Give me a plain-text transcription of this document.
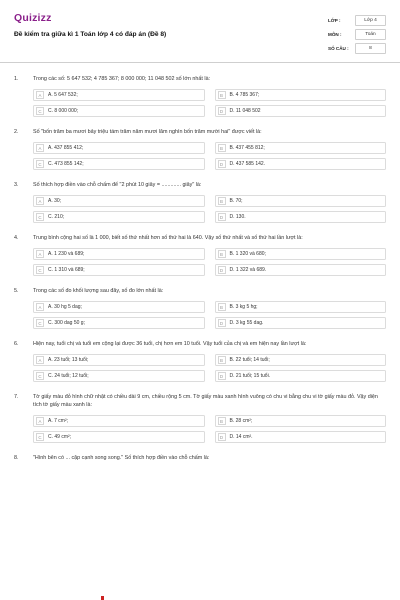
Quizizz
Đề kiểm tra giữa kì 1 Toán lớp 4 có đáp án (Đề 8)
LỚP :	Lớp 4
MÔN :	Toán
SỐ CÂU :	8
1.	Trong các số: 5 647 532; 4 785 367; 8 000 000; 11 048 502 số lớn nhất là:
A	A. 5 647 532;	B	B. 4 785 367;
C	C. 8 000 000;	D	D. 11 048 502
2.	Số "bốn trăm ba mươi bảy triệu tám trăm năm mươi lăm nghìn bốn trăm mười hai" được viết là:
A	A. 437 855 412;	B	B. 437 455 812;
C	C. 473 855 142;	D	D. 437 585 142.
3.	Số thích hợp điền vào chỗ chấm để "2 phút 10 giây = ............. giây" là:
A	A. 30;	B	B. 70;
C	C. 210;	D	D. 130.
4.	Trung bình cộng hai số là 1 000, biết số thứ nhất hơn số thứ hai là 640. Vậy số thứ nhất và số thứ hai lần lượt là:
A	A. 1 230 và 689;	B	B. 1 320 và 680;
C	C. 1 310 và 689;	D	D. 1 322 và 689.
5.	Trong các số đo khối lượng sau đây, số đo lớn nhất là:
A	A. 30 hg 5 dag;	B	B. 3 kg 5 hg;
C	C. 300 dag 50 g;	D	D. 3 kg 55 dag.
6.	Hiện nay, tuổi chị và tuổi em cộng lại được 36 tuổi, chị hơn em 10 tuổi. Vậy tuổi của chị và em hiện nay lần lượt là:
A	A. 23 tuổi; 13 tuổi;	B	B. 22 tuổi; 14 tuổi;
C	C. 24 tuổi; 12 tuổi;	D	D. 21 tuổi; 15 tuổi.
7.	Tờ giấy màu đỏ hình chữ nhật có chiều dài 9 cm, chiều rộng 5 cm. Tờ giấy màu xanh hình vuông có chu vi bằng chu vi tờ giấy màu đỏ. Vậy diện tích tờ giấy màu xanh là:
A	A. 7 cm²;	B	B. 28 cm²;
C	C. 49 cm²;	D	D. 14 cm².
8.	"Hình bên có ... cặp cạnh song song." Số thích hợp điền vào chỗ chấm là:
